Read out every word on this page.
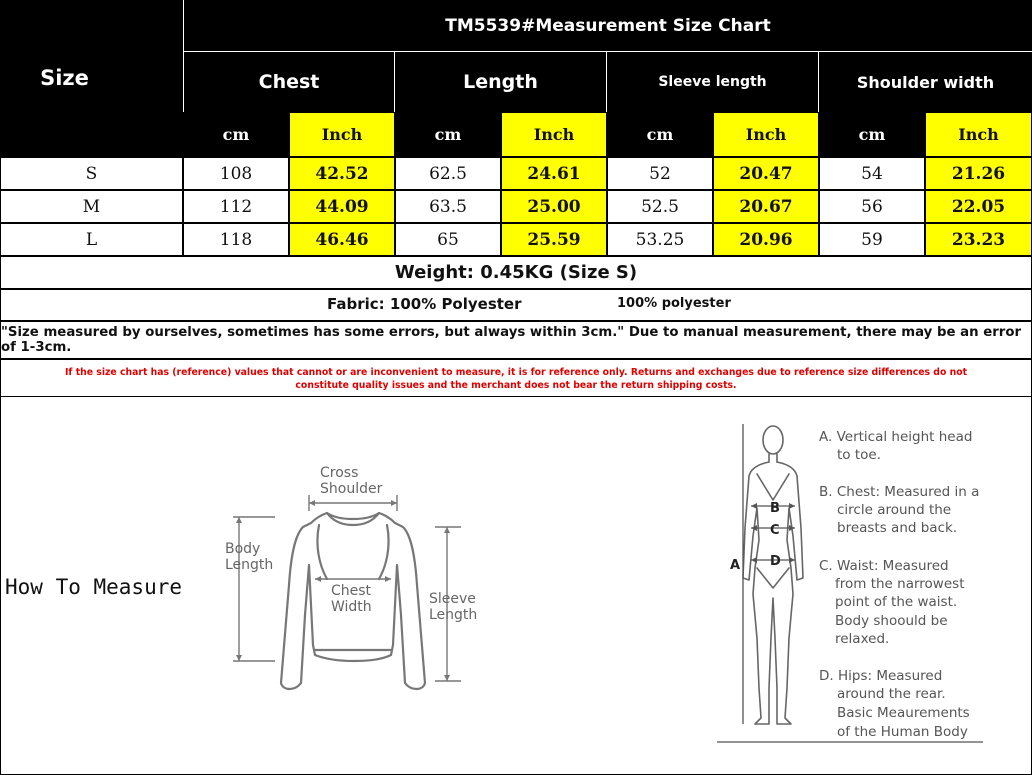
Size
TM5539#Measurement Size Chart
Chest	Length	Sleeve length	Shoulder width
cm	Inch	cm	Inch	cm	Inch	cm	Inch
S	108	42.52	62.5	24.61	52	20.47	54	21.26
M	112	44.09	63.5	25.00	52.5	20.67	56	22.05
L	118	46.46	65	25.59	53.25	20.96	59	23.23
Weight: 0.45KG (Size S)
Fabric: 100% Polyester	100% polyester
"Size measured by ourselves, sometimes has some errors, but always within 3cm." Due to manual measurement, there may be an error of 1-3cm.
If the size chart has (reference) values that cannot or are inconvenient to measure, it is for reference only. Returns and exchanges due to reference size differences do not
constitute quality issues and the merchant does not bear the return shipping costs.
How To Measure
Cross
Shoulder
Body
Length
Chest
Width	Sleeve
Length
A
B
C
D
A. Vertical height head
to toe.
B. Chest: Measured in a
circle around the
breasts and back.
C. Waist: Measured
from the narrowest
point of the waist.
Body shoould be
relaxed.
D. Hips: Measured
around the rear.
Basic Meaurements
of the Human Body
